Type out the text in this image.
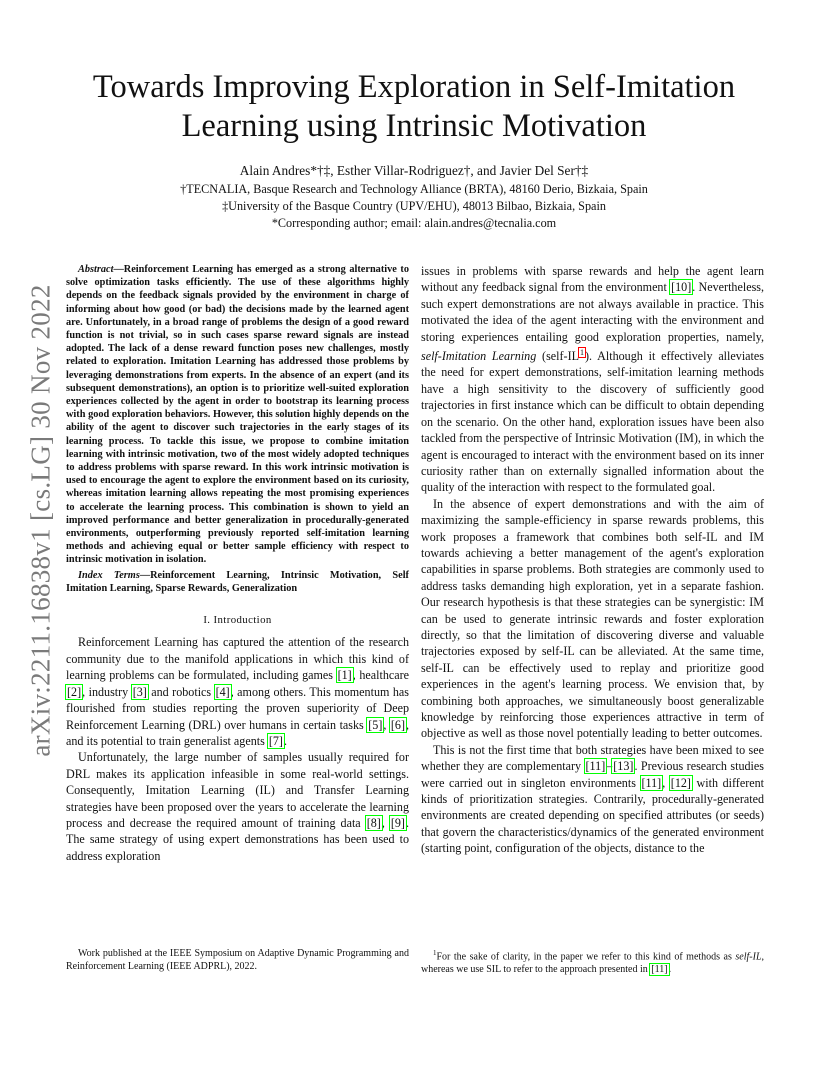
arXiv:2211.16838v1 [cs.LG] 30 Nov 2022
Towards Improving Exploration in Self-Imitation Learning using Intrinsic Motivation
Alain Andres*†‡, Esther Villar-Rodriguez†, and Javier Del Ser†‡
†TECNALIA, Basque Research and Technology Alliance (BRTA), 48160 Derio, Bizkaia, Spain
‡University of the Basque Country (UPV/EHU), 48013 Bilbao, Bizkaia, Spain
*Corresponding author; email: alain.andres@tecnalia.com

Abstract—Reinforcement Learning has emerged as a strong alternative to solve optimization tasks efficiently. The use of these algorithms highly depends on the feedback signals provided by the environment in charge of informing about how good (or bad) the decisions made by the learned agent are. Unfortunately, in a broad range of problems the design of a good reward function is not trivial, so in such cases sparse reward signals are instead adopted. The lack of a dense reward function poses new challenges, mostly related to exploration. Imitation Learning has addressed those problems by leveraging demonstrations from experts. In the absence of an expert (and its subsequent demonstrations), an option is to prioritize well-suited exploration experiences collected by the agent in order to bootstrap its learning process with good exploration behaviors. However, this solution highly depends on the ability of the agent to discover such trajectories in the early stages of its learning process. To tackle this issue, we propose to combine imitation learning with intrinsic motivation, two of the most widely adopted techniques to address problems with sparse reward. In this work intrinsic motivation is used to encourage the agent to explore the environment based on its curiosity, whereas imitation learning allows repeating the most promising experiences to accelerate the learning process. This combination is shown to yield an improved performance and better generalization in procedurally-generated environments, outperforming previously reported self-imitation learning methods and achieving equal or better sample efficiency with respect to intrinsic motivation in isolation.

Index Terms—Reinforcement Learning, Intrinsic Motivation, Self Imitation Learning, Sparse Rewards, Generalization

I. Introduction

Reinforcement Learning has captured the attention of the research community due to the manifold applications in which this kind of learning problems can be formulated, including games [1], healthcare [2], industry [3] and robotics [4], among others. This momentum has flourished from studies reporting the proven superiority of Deep Reinforcement Learning (DRL) over humans in certain tasks [5], [6], and its potential to train generalist agents [7].

Unfortunately, the large number of samples usually required for DRL makes its application infeasible in some real-world settings. Consequently, Imitation Learning (IL) and Transfer Learning strategies have been proposed over the years to accelerate the learning process and decrease the required amount of training data [8], [9]. The same strategy of using expert demonstrations has been used to address exploration

issues in problems with sparse rewards and help the agent learn without any feedback signal from the environment [10]. Nevertheless, such expert demonstrations are not always available in practice. This motivated the idea of the agent interacting with the environment and storing experiences entailing good exploration properties, namely, self-Imitation Learning (self-IL$^1$). Although it effectively alleviates the need for expert demonstrations, self-imitation learning methods have a high sensitivity to the discovery of sufficiently good trajectories in first instance which can be difficult to obtain depending on the scenario. On the other hand, exploration issues have been also tackled from the perspective of Intrinsic Motivation (IM), in which the agent is encouraged to interact with the environment based on its inner curiosity rather than on externally signalled information about the quality of the interaction with respect to the formulated goal.

In the absence of expert demonstrations and with the aim of maximizing the sample-efficiency in sparse rewards problems, this work proposes a framework that combines both self-IL and IM towards achieving a better management of the agent's exploration capabilities in sparse problems. Both strategies are commonly used to address tasks demanding high exploration, yet in a separate fashion. Our research hypothesis is that these strategies can be synergistic: IM can be used to generate intrinsic rewards and foster exploration directly, so that the limitation of discovering diverse and valuable trajectories exposed by self-IL can be alleviated. At the same time, self-IL can be effectively used to replay and prioritize good experiences in the agent's learning process. We envision that, by combining both approaches, we simultaneously boost generalizable knowledge by reinforcing those experiences attractive in term of objective as well as those novel potentially leading to better outcomes.

This is not the first time that both strategies have been mixed to see whether they are complementary [11]–[13]. Previous research studies were carried out in singleton environments [11], [12] with different kinds of prioritization strategies. Contrarily, procedurally-generated environments are created depending on specified attributes (or seeds) that govern the characteristics/dynamics of the generated environment (starting point, configuration of the objects, distance to the

Work published at the IEEE Symposium on Adaptive Dynamic Programming and Reinforcement Learning (IEEE ADPRL), 2022.
$^1$For the sake of clarity, in the paper we refer to this kind of methods as self-IL, whereas we use SIL to refer to the approach presented in [11].
